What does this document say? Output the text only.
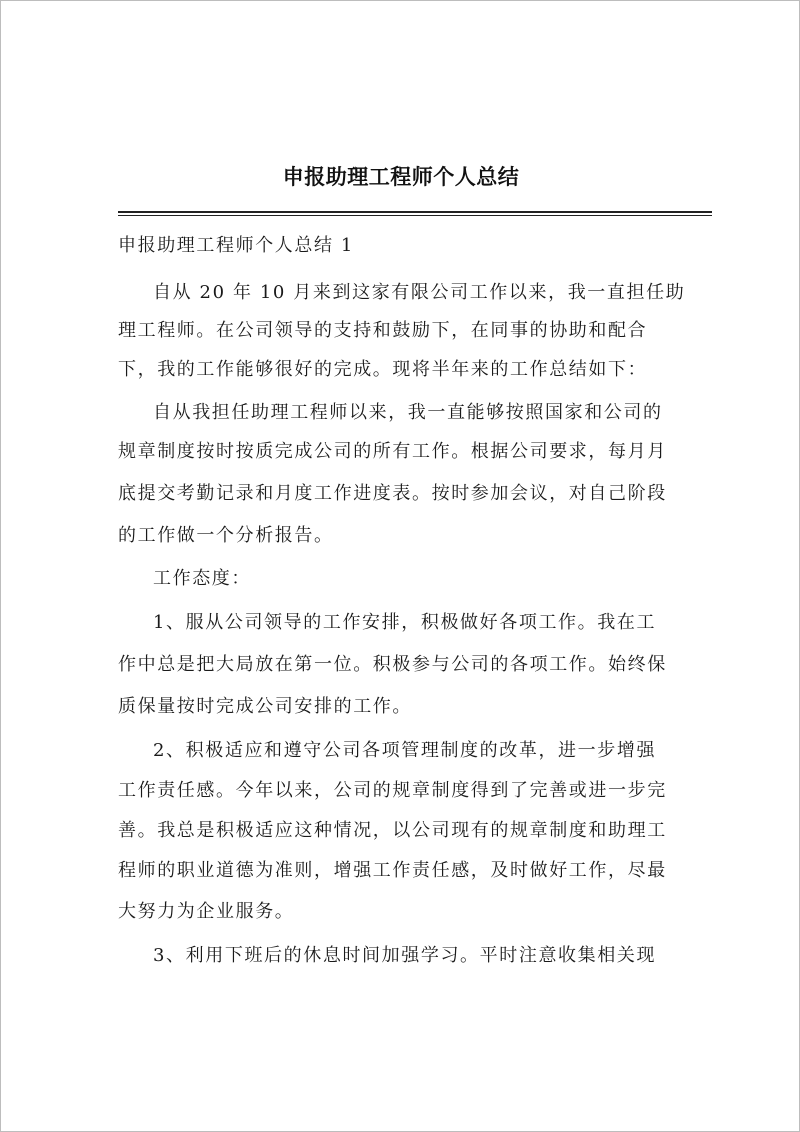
申报助理工程师个人总结
申报助理工程师个人总结 1
自从 20 年 10 月来到这家有限公司工作以来，我一直担任助
理工程师。在公司领导的支持和鼓励下，在同事的协助和配合
下，我的工作能够很好的完成。现将半年来的工作总结如下：
自从我担任助理工程师以来，我一直能够按照国家和公司的
规章制度按时按质完成公司的所有工作。根据公司要求，每月月
底提交考勤记录和月度工作进度表。按时参加会议，对自己阶段
的工作做一个分析报告。
工作态度：
1、服从公司领导的工作安排，积极做好各项工作。我在工
作中总是把大局放在第一位。积极参与公司的各项工作。始终保
质保量按时完成公司安排的工作。
2、积极适应和遵守公司各项管理制度的改革，进一步增强
工作责任感。今年以来，公司的规章制度得到了完善或进一步完
善。我总是积极适应这种情况，以公司现有的规章制度和助理工
程师的职业道德为准则，增强工作责任感，及时做好工作，尽最
大努力为企业服务。
3、利用下班后的休息时间加强学习。平时注意收集相关现
